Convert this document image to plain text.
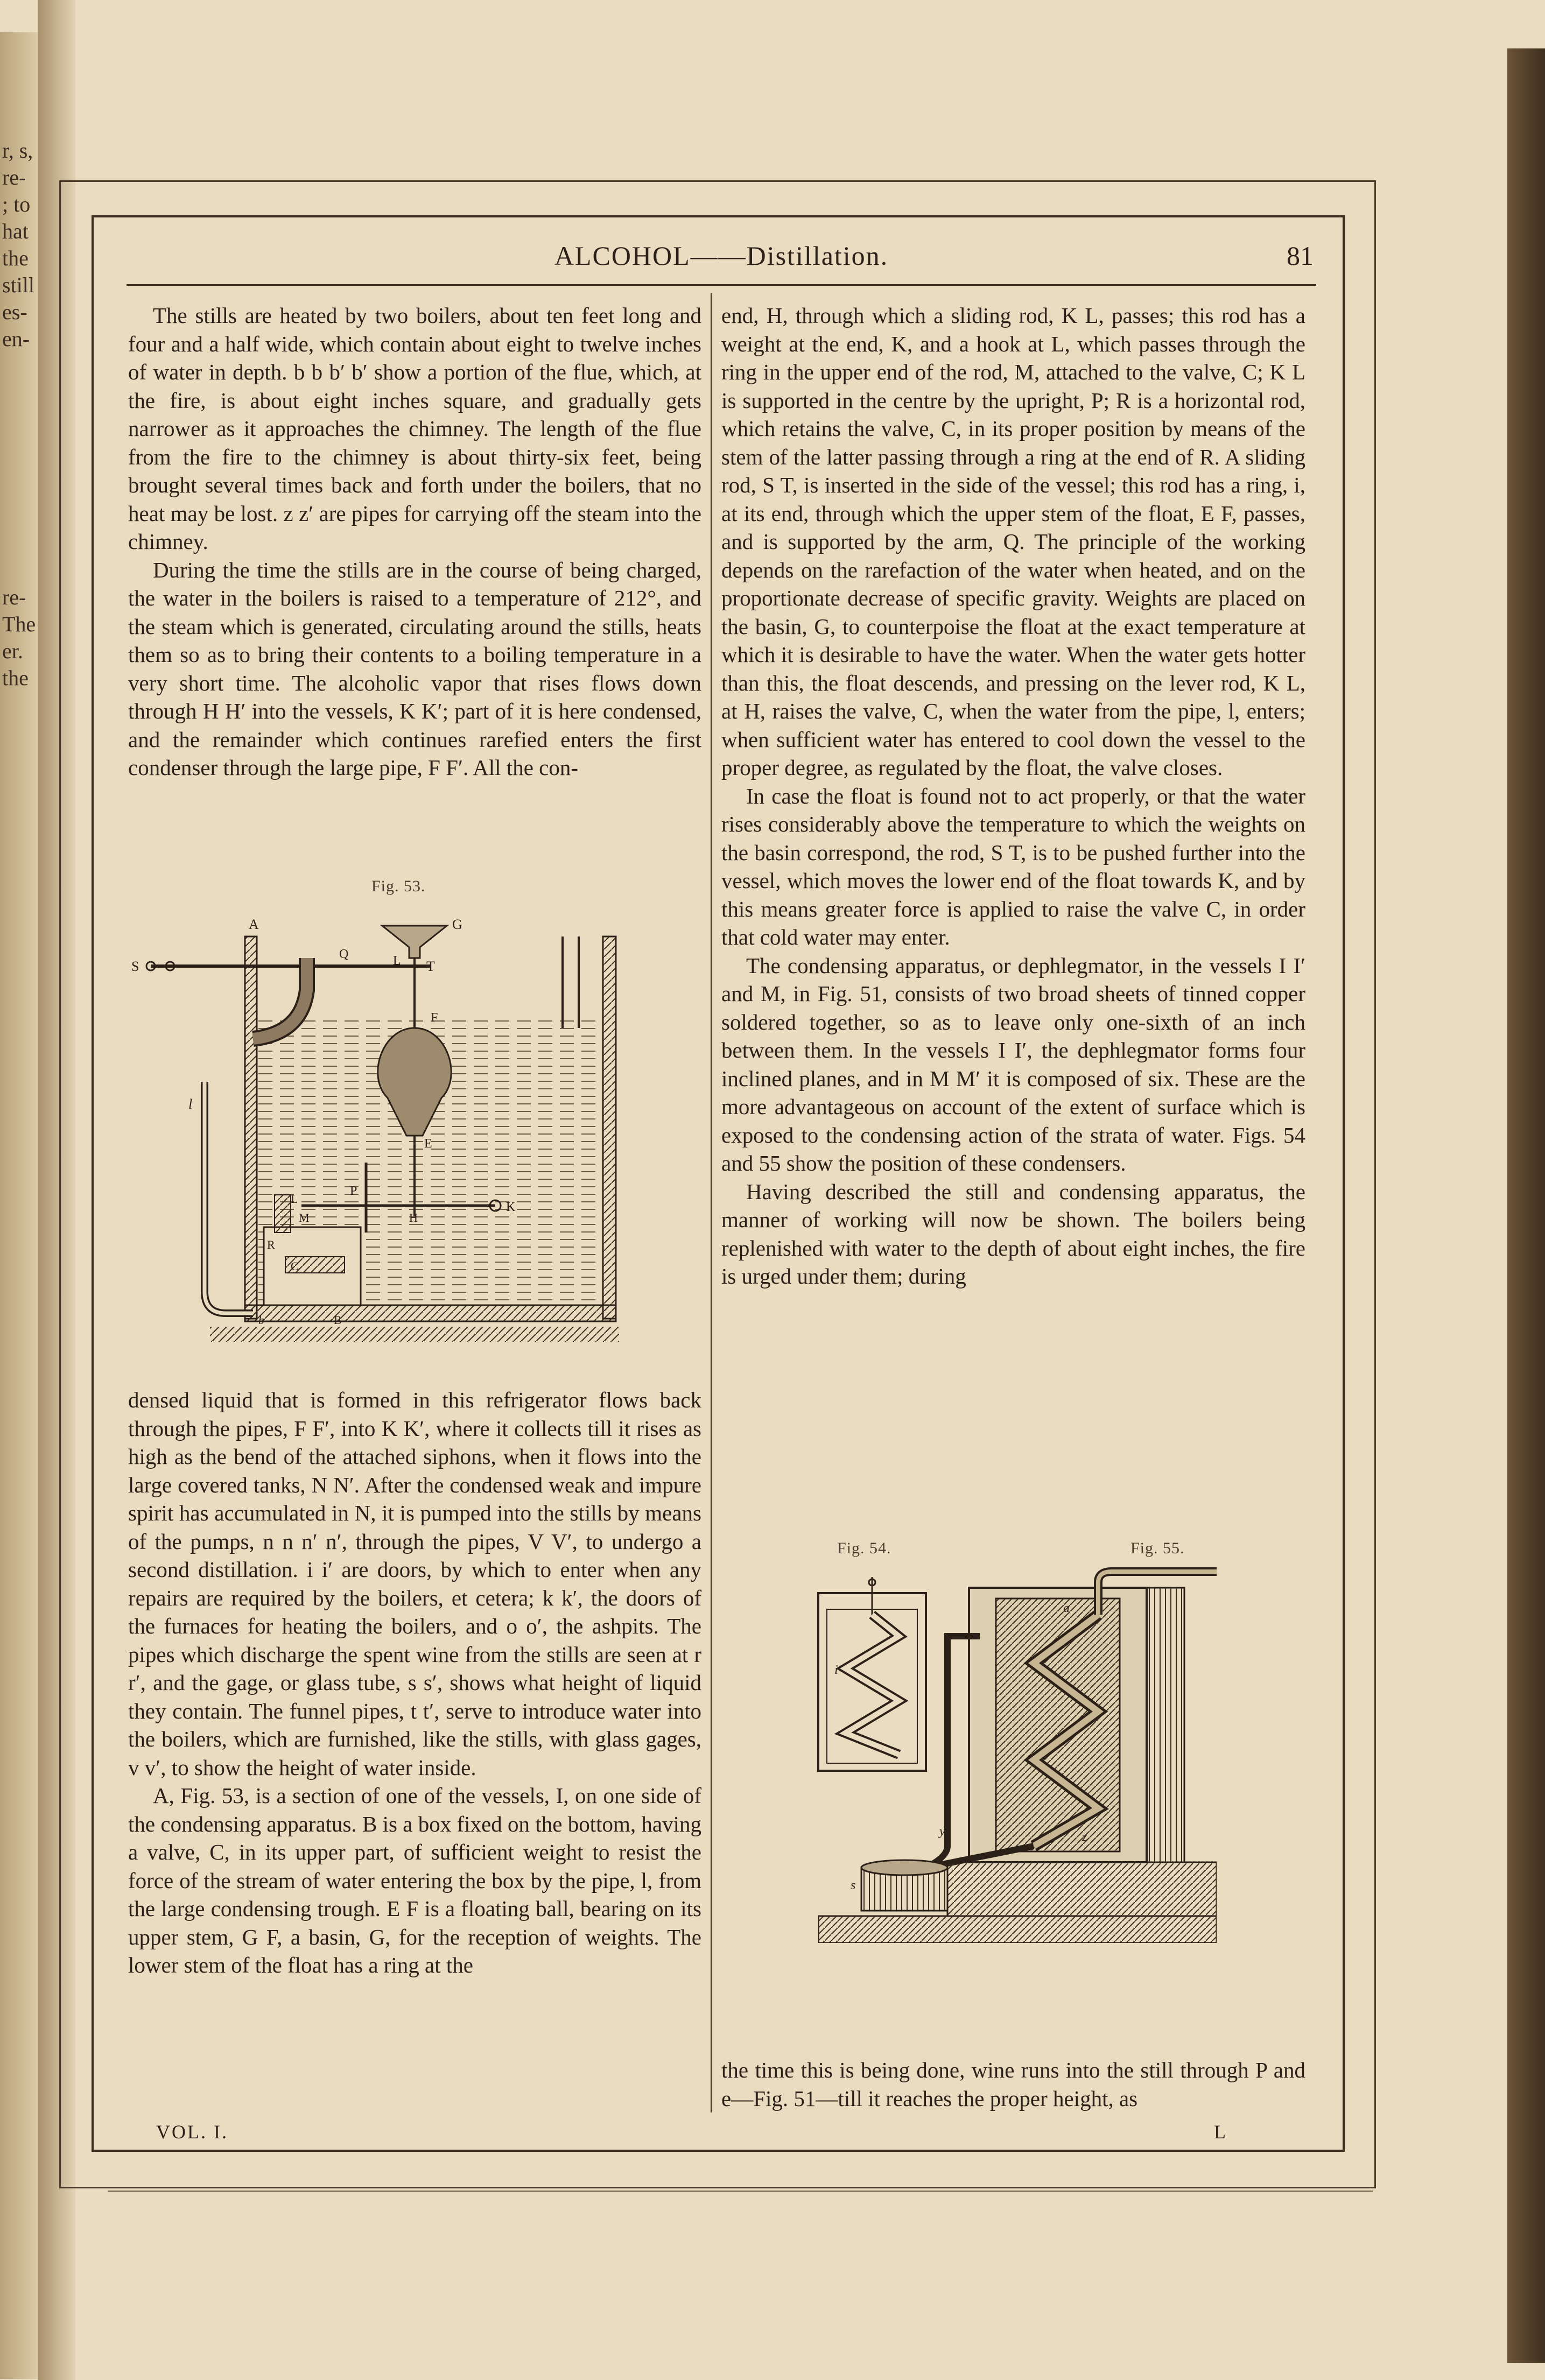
r, s,
re-
; to
hat
the
still
es-
en-
re-
The
er.
the
ALCOHOL——Distillation.	81

The stills are heated by two boilers, about ten feet long and four and a half wide, which contain about eight to twelve inches of water in depth. b b b′ b′ show a portion of the flue, which, at the fire, is about eight inches square, and gradually gets narrower as it approaches the chimney. The length of the flue from the fire to the chimney is about thirty-six feet, being brought several times back and forth under the boilers, that no heat may be lost. z z′ are pipes for carrying off the steam into the chimney.

During the time the stills are in the course of being charged, the water in the boilers is raised to a temperature of 212°, and the steam which is generated, circulating around the stills, heats them so as to bring their contents to a boiling temperature in a very short time. The alcoholic vapor that rises flows down through H H′ into the vessels, K K′; part of it is here condensed, and the remainder which continues rarefied enters the first condenser through the large pipe, F F′. All the con-

Fig. 53.
A	G
S
Q	L T
F
E
l
P
L
M	H
K
R
C
B
b

densed liquid that is formed in this refrigerator flows back through the pipes, F F′, into K K′, where it collects till it rises as high as the bend of the attached siphons, when it flows into the large covered tanks, N N′. After the condensed weak and impure spirit has accumulated in N, it is pumped into the stills by means of the pumps, n n n′ n′, through the pipes, V V′, to undergo a second distillation. i i′ are doors, by which to enter when any repairs are required by the boilers, et cetera; k k′, the doors of the furnaces for heating the boilers, and o o′, the ashpits. The pipes which discharge the spent wine from the stills are seen at r r′, and the gage, or glass tube, s s′, shows what height of liquid they contain. The funnel pipes, t t′, serve to introduce water into the boilers, which are furnished, like the stills, with glass gages, v v′, to show the height of water inside.

A, Fig. 53, is a section of one of the vessels, I, on one side of the condensing apparatus. B is a box fixed on the bottom, having a valve, C, in its upper part, of sufficient weight to resist the force of the stream of water entering the box by the pipe, l, from the large condensing trough. E F is a floating ball, bearing on its upper stem, G F, a basin, G, for the reception of weights. The lower stem of the float has a ring at the

end, H, through which a sliding rod, K L, passes; this rod has a weight at the end, K, and a hook at L, which passes through the ring in the upper end of the rod, M, attached to the valve, C; K L is supported in the centre by the upright, P; R is a horizontal rod, which retains the valve, C, in its proper position by means of the stem of the latter passing through a ring at the end of R. A sliding rod, S T, is inserted in the side of the vessel; this rod has a ring, i, at its end, through which the upper stem of the float, E F, passes, and is supported by the arm, Q. The principle of the working depends on the rarefaction of the water when heated, and on the proportionate decrease of specific gravity. Weights are placed on the basin, G, to counterpoise the float at the exact temperature at which it is desirable to have the water. When the water gets hotter than this, the float descends, and pressing on the lever rod, K L, at H, raises the valve, C, when the water from the pipe, l, enters; when sufficient water has entered to cool down the vessel to the proper degree, as regulated by the float, the valve closes.

In case the float is found not to act properly, or that the water rises considerably above the temperature to which the weights on the basin correspond, the rod, S T, is to be pushed further into the vessel, which moves the lower end of the float towards K, and by this means greater force is applied to raise the valve C, in order that cold water may enter.

The condensing apparatus, or dephlegmator, in the vessels I I′ and M, in Fig. 51, consists of two broad sheets of tinned copper soldered together, so as to leave only one-sixth of an inch between them. In the vessels I I′, the dephlegmator forms four inclined planes, and in M M′ it is composed of six. These are the more advantageous on account of the extent of surface which is exposed to the condensing action of the strata of water. Figs. 54 and 55 show the position of these condensers.

Having described the still and condensing apparatus, the manner of working will now be shown. The boilers being replenished with water to the depth of about eight inches, the fire is urged under them; during

Fig. 54.	Fig. 55.
i
a
y
s
z

the time this is being done, wine runs into the still through P and e—Fig. 51—till it reaches the proper height, as

VOL. I.	L
